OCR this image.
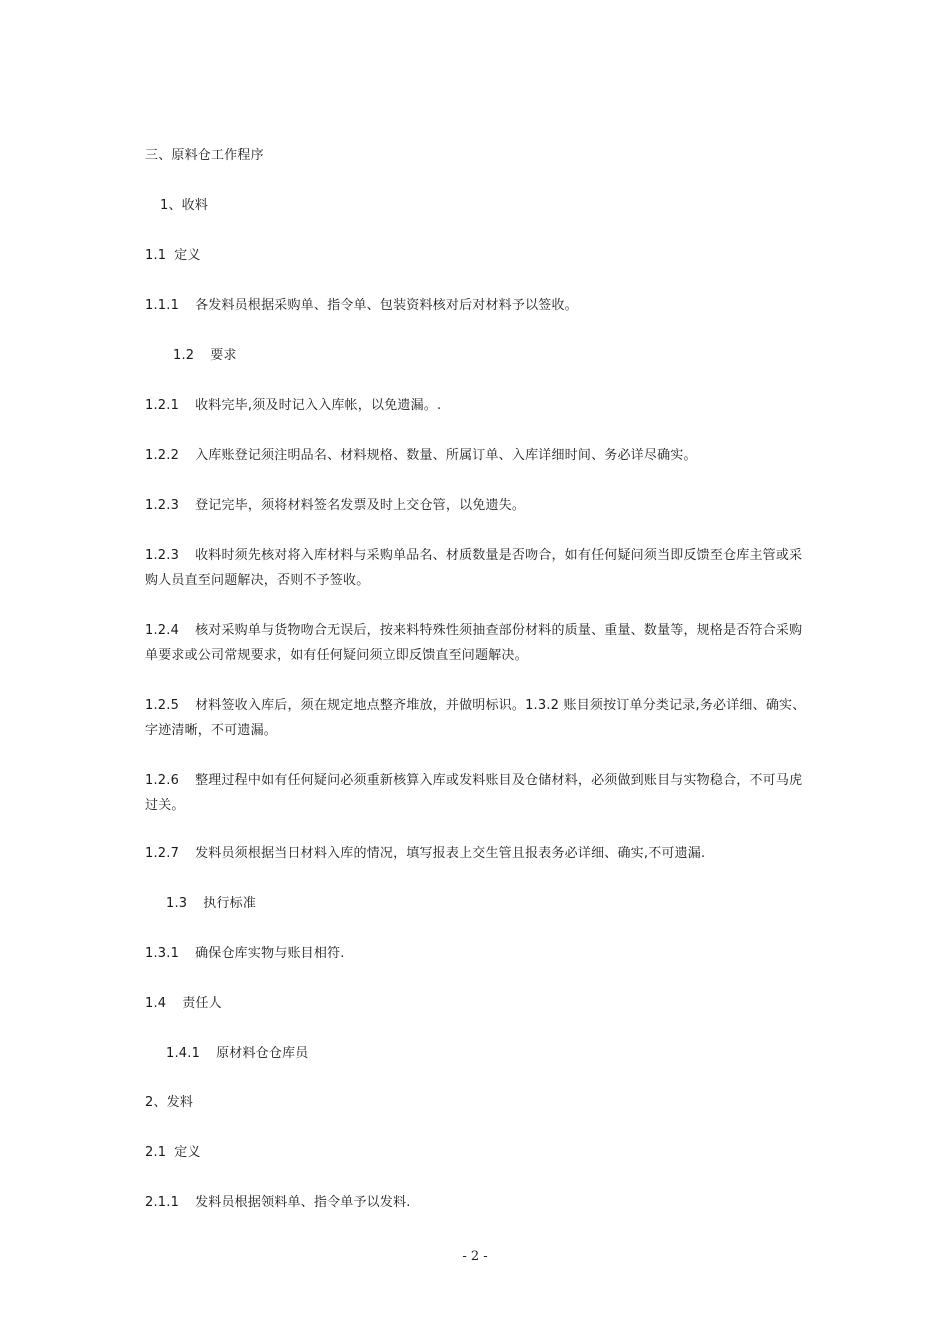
三、原料仓工作程序
1、收料
1.1 定义
1.1.1 各发料员根据采购单、指令单、包装资料核对后对材料予以签收。
1.2 要求
1.2.1 收料完毕,须及时记入入库帐，以免遗漏。.
1.2.2 入库账登记须注明品名、材料规格、数量、所属订单、入库详细时间、务必详尽确实。
1.2.3 登记完毕，须将材料签名发票及时上交仓管，以免遗失。
1.2.3 收料时须先核对将入库材料与采购单品名、材质数量是否吻合，如有任何疑问须当即反馈至仓库主管或采购人员直至问题解决，否则不予签收。
1.2.4 核对采购单与货物吻合无误后，按来料特殊性须抽查部份材料的质量、重量、数量等，规格是否符合采购单要求或公司常规要求，如有任何疑问须立即反馈直至问题解决。
1.2.5 材料签收入库后，须在规定地点整齐堆放，并做明标识。1.3.2 账目须按订单分类记录,务必详细、确实、字迹清晰，不可遗漏。
1.2.6 整理过程中如有任何疑问必须重新核算入库或发料账目及仓储材料，必须做到账目与实物稳合，不可马虎过关。
1.2.7 发料员须根据当日材料入库的情况，填写报表上交生管且报表务必详细、确实,不可遗漏.
1.3 执行标准
1.3.1 确保仓库实物与账目相符.
1.4 责任人
1.4.1 原材料仓仓库员
2、发料
2.1 定义
2.1.1 发料员根据领料单、指令单予以发料.
- 2 -
